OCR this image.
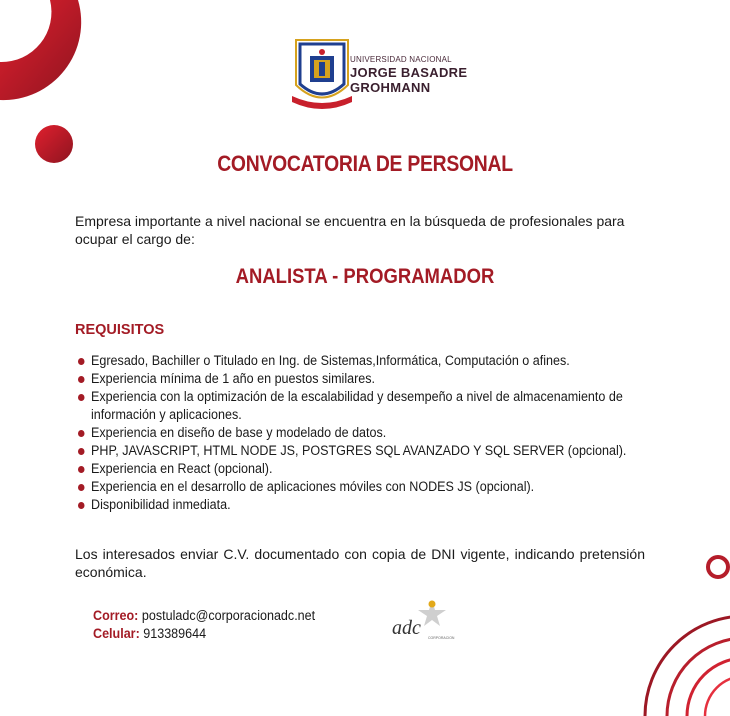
UNIVERSIDAD NACIONAL
JORGE BASADRE
GROHMANN
CONVOCATORIA DE PERSONAL
Empresa importante a nivel nacional se encuentra en la búsqueda de profesionales para ocupar el cargo de:
ANALISTA - PROGRAMADOR
REQUISITOS
Egresado, Bachiller o Titulado en Ing. de Sistemas,Informática, Computación o afines.
Experiencia mínima de 1 año en puestos similares.
Experiencia con la optimización de la escalabilidad y desempeño a nivel de almacenamiento de información y aplicaciones.
Experiencia en diseño de base y modelado de datos.
PHP, JAVASCRIPT, HTML NODE JS, POSTGRES SQL AVANZADO Y SQL SERVER (opcional).
Experiencia en React (opcional).
Experiencia en el desarrollo de aplicaciones móviles con NODES JS (opcional).
Disponibilidad inmediata.
Los interesados enviar C.V. documentado con copia de DNI vigente, indicando pretensión económica.
Correo: postuladc@corporacionadc.net
Celular: 913389644	adc CORPORACION
